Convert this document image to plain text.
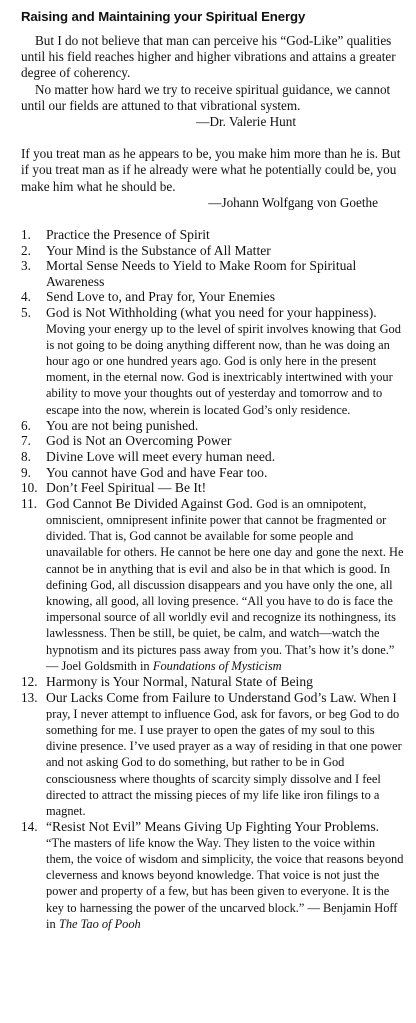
Raising and Maintaining your Spiritual Energy

But I do not believe that man can perceive his “God-Like” qualities until his field reaches higher and higher vibrations and attains a greater degree of coherency.

No matter how hard we try to receive spiritual guidance, we cannot until our fields are attuned to that vibrational system.

—Dr. Valerie Hunt

If you treat man as he appears to be, you make him more than he is. But if you treat man as if he already were what he potentially could be, you make him what he should be.

—Johann Wolfgang von Goethe

1.	Practice the Presence of Spirit
2.	Your Mind is the Substance of All Matter
3.	Mortal Sense Needs to Yield to Make Room for Spiritual Awareness
4.	Send Love to, and Pray for, Your Enemies
5.	God is Not Withholding (what you need for your happiness). Moving your energy up to the level of spirit involves knowing that God is not going to be doing anything different now, than he was doing an hour ago or one hundred years ago. God is only here in the present moment, in the eternal now. God is inextricably intertwined with your ability to move your thoughts out of yesterday and tomorrow and to escape into the now, wherein is located God’s only residence.
6.	You are not being punished.
7.	God is Not an Overcoming Power
8.	Divine Love will meet every human need.
9.	You cannot have God and have Fear too.
10. Don’t Feel Spiritual — Be It!
11. God Cannot Be Divided Against God. God is an omnipotent, omniscient, omnipresent infinite power that cannot be fragmented or divided. That is, God cannot be available for some people and unavailable for others. He cannot be here one day and gone the next. He cannot be in anything that is evil and also be in that which is good. In defining God, all discussion disappears and you have only the one, all knowing, all good, all loving presence. “All you have to do is face the impersonal source of all worldly evil and recognize its nothingness, its lawlessness. Then be still, be quiet, be calm, and watch—watch the hypnotism and its pictures pass away from you. That’s how it’s done.” — Joel Goldsmith in Foundations of Mysticism
12. Harmony is Your Normal, Natural State of Being
13. Our Lacks Come from Failure to Understand God’s Law. When I pray, I never attempt to influence God, ask for favors, or beg God to do something for me. I use prayer to open the gates of my soul to this divine presence. I’ve used prayer as a way of residing in that one power and not asking God to do something, but rather to be in God consciousness where thoughts of scarcity simply dissolve and I feel directed to attract the missing pieces of my life like iron filings to a magnet.
14. “Resist Not Evil” Means Giving Up Fighting Your Problems. “The masters of life know the Way. They listen to the voice within them, the voice of wisdom and simplicity, the voice that reasons beyond cleverness and knows beyond knowledge. That voice is not just the power and property of a few, but has been given to everyone. It is the key to harnessing the power of the uncarved block.” — Benjamin Hoff in The Tao of Pooh
